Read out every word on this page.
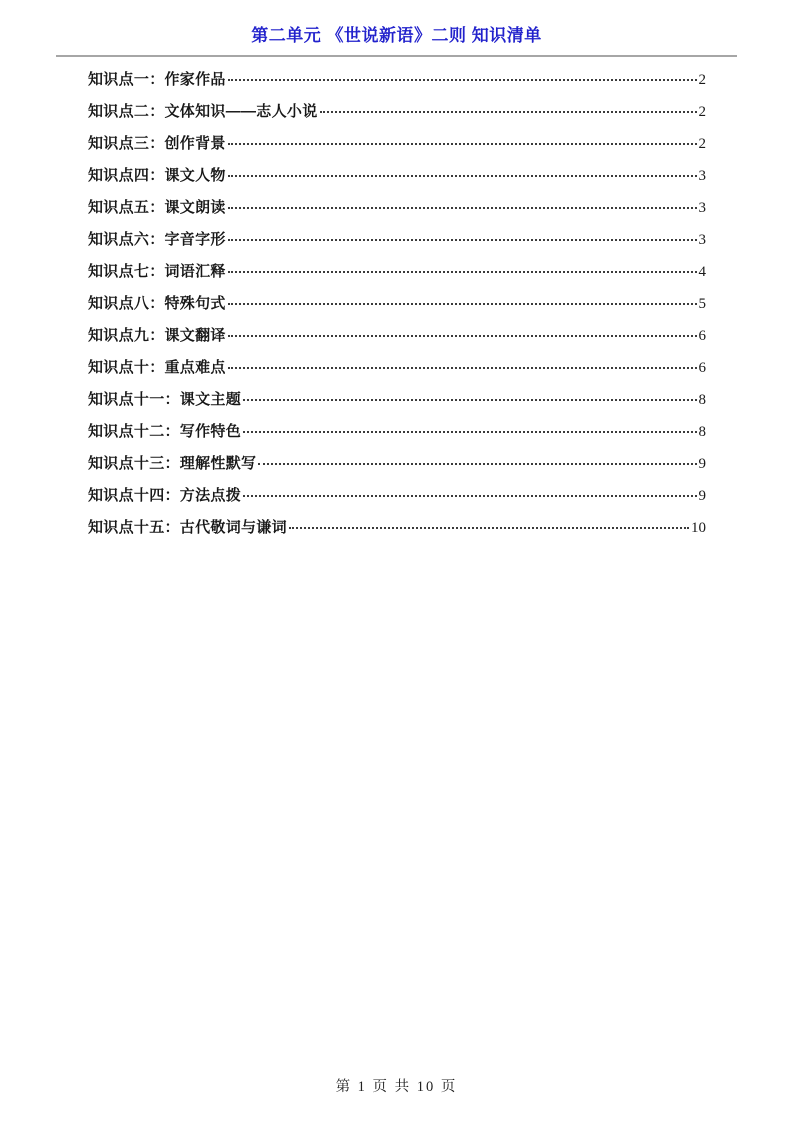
第二单元 《世说新语》二则 知识清单
知识点一：作家作品	2
知识点二：文体知识——志人小说	2
知识点三：创作背景	2
知识点四：课文人物	3
知识点五：课文朗读	3
知识点六：字音字形	3
知识点七：词语汇释	4
知识点八：特殊句式	5
知识点九：课文翻译	6
知识点十：重点难点	6
知识点十一：课文主题	8
知识点十二：写作特色	8
知识点十三：理解性默写	9
知识点十四：方法点拨	9
知识点十五：古代敬词与谦词	10
第 1 页 共 10 页
